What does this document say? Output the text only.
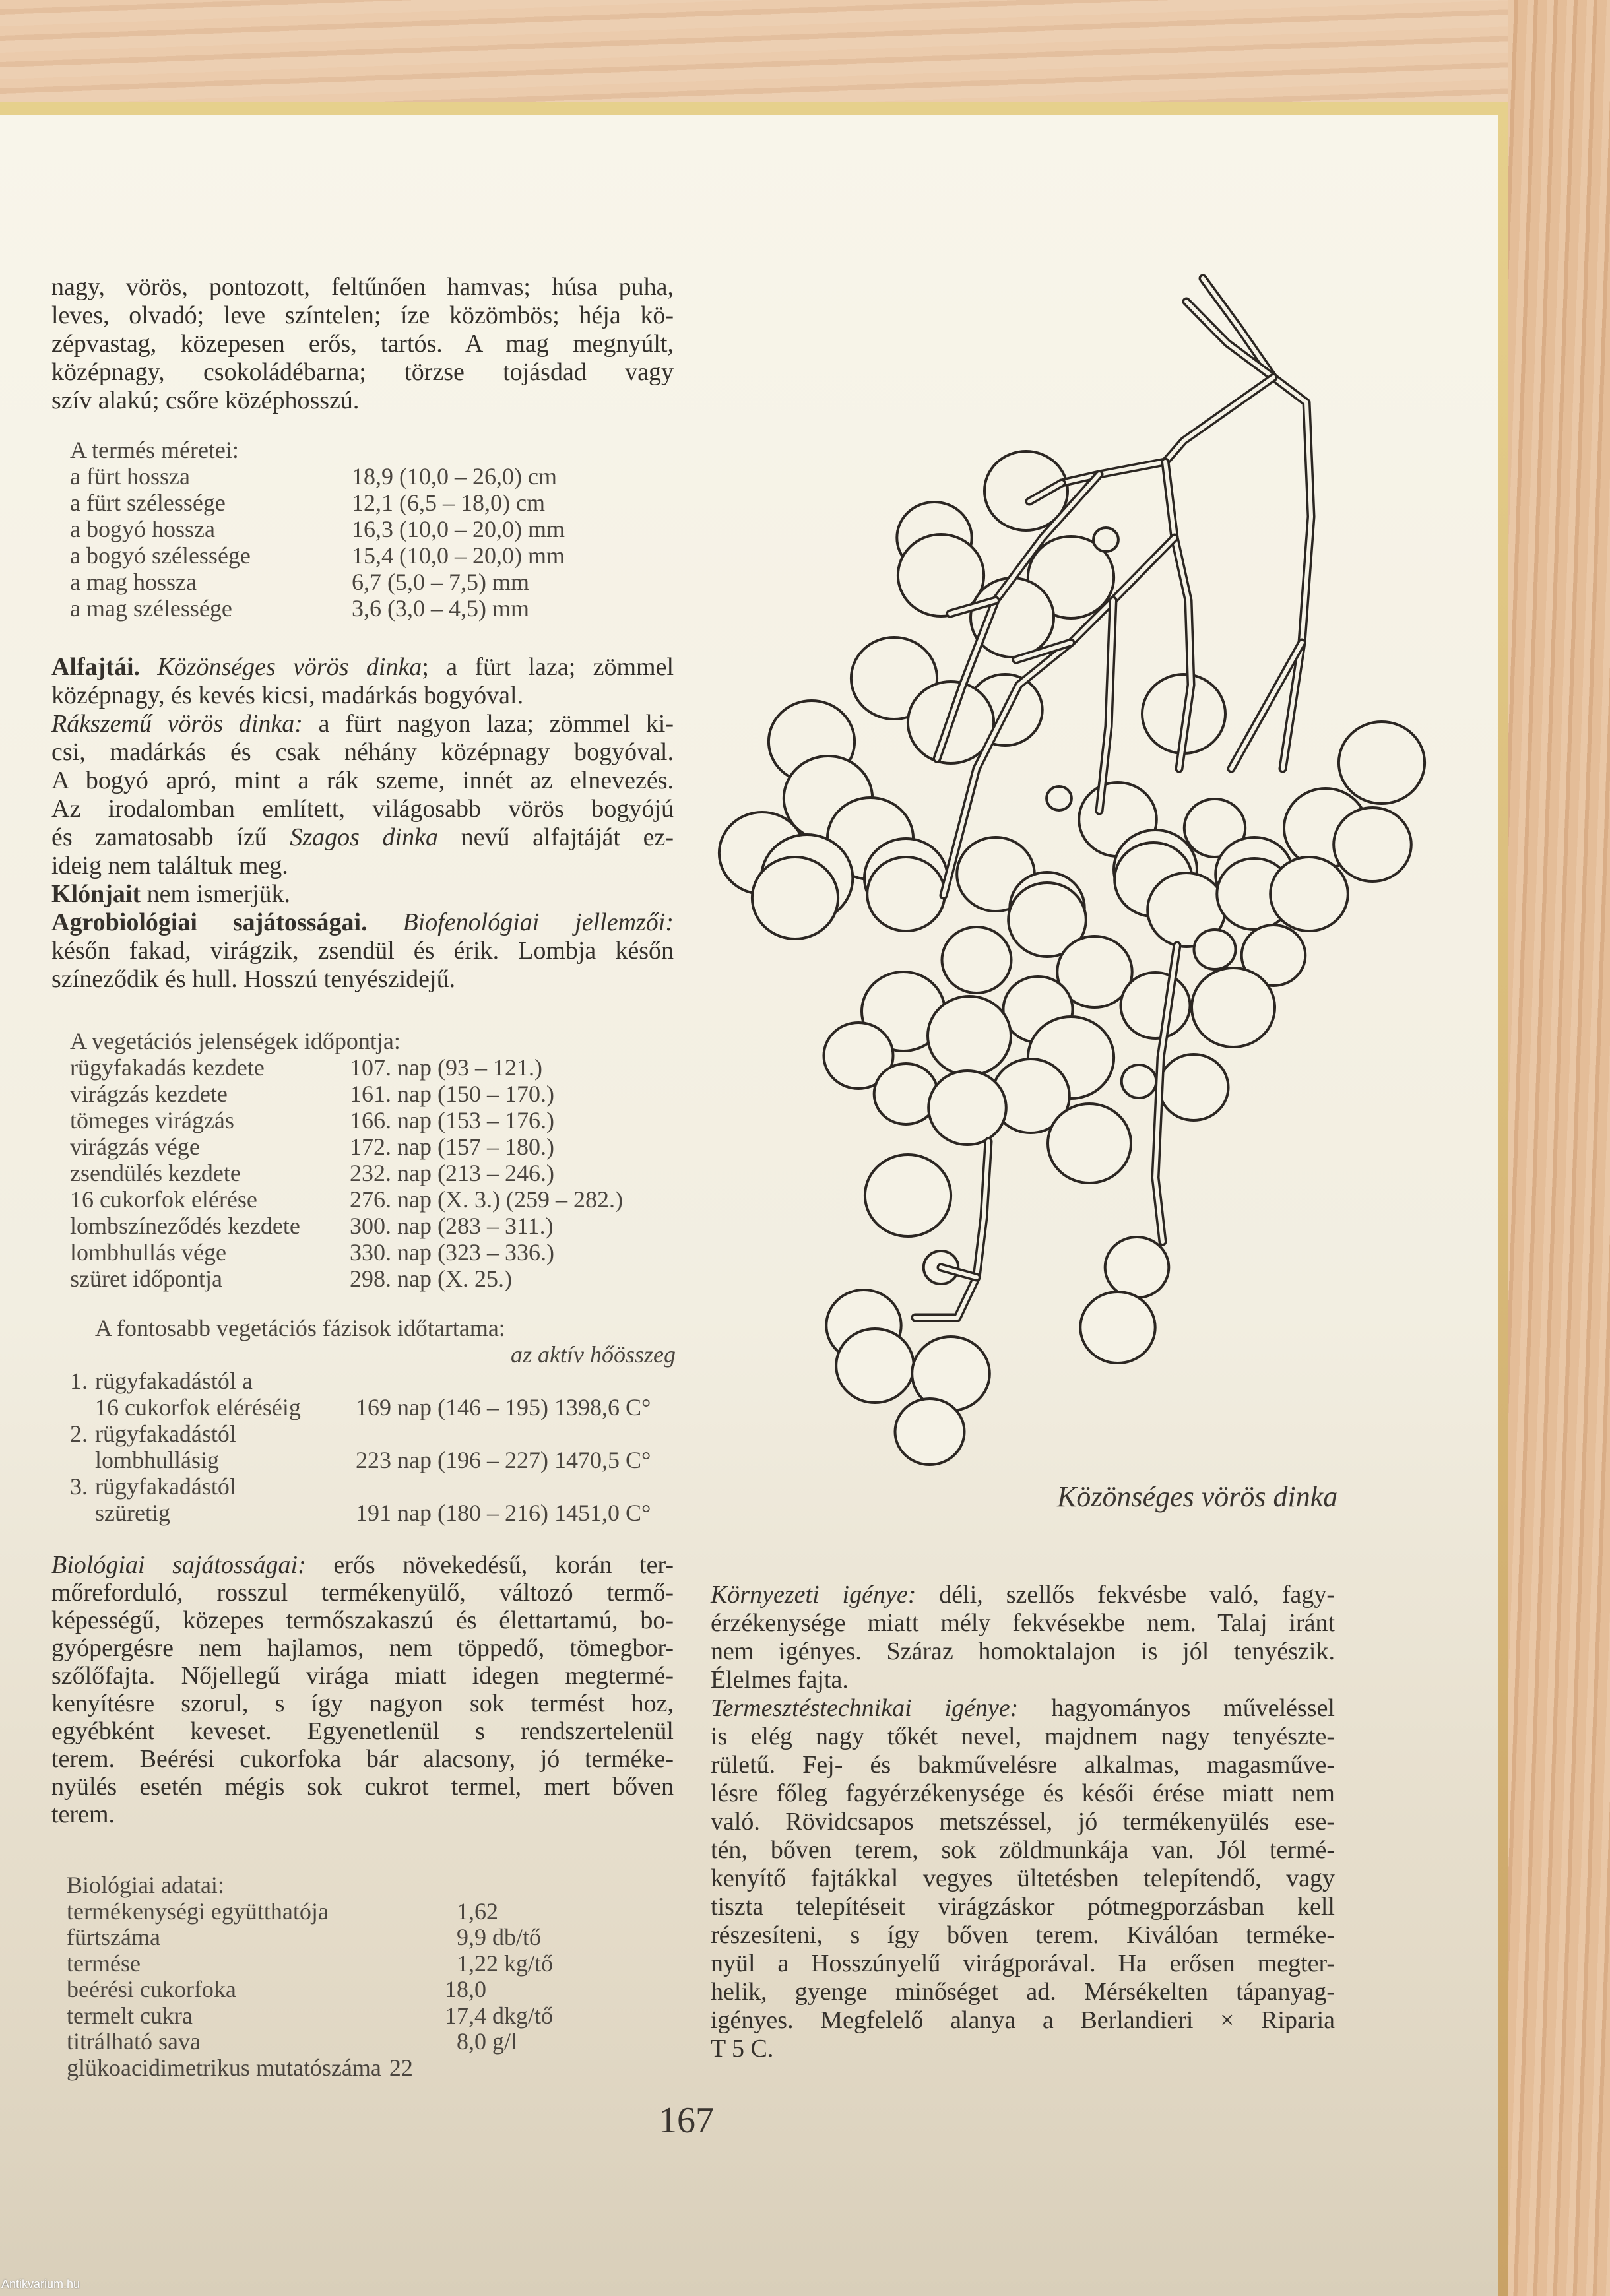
nagy, vörös, pontozott, feltűnően hamvas; húsa puha,
leves, olvadó; leve színtelen; íze közömbös; héja kö-
zépvastag, közepesen erős, tartós. A mag megnyúlt,
középnagy, csokoládébarna; törzse tojásdad vagy
szív alakú; csőre középhosszú.
A termés méretei:
a fürt hossza	18,9 (10,0 – 26,0) cm
a fürt szélessége	12,1 (6,5 – 18,0) cm
a bogyó hossza	16,3 (10,0 – 20,0) mm
a bogyó szélessége	15,4 (10,0 – 20,0) mm
a mag hossza	6,7 (5,0 – 7,5) mm
a mag szélessége	3,6 (3,0 – 4,5) mm
Alfajtái. Közönséges vörös dinka; a fürt laza; zömmel
középnagy, és kevés kicsi, madárkás bogyóval.
Rákszemű vörös dinka: a fürt nagyon laza; zömmel ki-
csi, madárkás és csak néhány középnagy bogyóval.
A bogyó apró, mint a rák szeme, innét az elnevezés.
Az irodalomban említett, világosabb vörös bogyójú
és zamatosabb ízű Szagos dinka nevű alfajtáját ez-
ideig nem találtuk meg.
Klónjait nem ismerjük.
Agrobiológiai sajátosságai. Biofenológiai jellemzői:
későn fakad, virágzik, zsendül és érik. Lombja későn
színeződik és hull. Hosszú tenyészidejű.
A vegetációs jelenségek időpontja:
rügyfakadás kezdete	107. nap (93 – 121.)
virágzás kezdete	161. nap (150 – 170.)
tömeges virágzás	166. nap (153 – 176.)
virágzás vége	172. nap (157 – 180.)
zsendülés kezdete	232. nap (213 – 246.)
16 cukorfok elérése	276. nap (X. 3.) (259 – 282.)
lombszíneződés kezdete 300. nap (283 – 311.)
lombhullás vége	330. nap (323 – 336.)
szüret időpontja	298. nap (X. 25.)
A fontosabb vegetációs fázisok időtartama:
az aktív hőösszeg
1. rügyfakadástól a
16 cukorfok eléréséig 169 nap (146 – 195) 1398,6 C°
2. rügyfakadástól
lombhullásig	223 nap (196 – 227) 1470,5 C°
3. rügyfakadástól
szüretig	191 nap (180 – 216) 1451,0 C°
Biológiai sajátosságai: erős növekedésű, korán ter-
mőreforduló, rosszul termékenyülő, változó termő-
képességű, közepes termőszakaszú és élettartamú, bo-
gyópergésre nem hajlamos, nem töppedő, tömegbor-
szőlőfajta. Nőjellegű virága miatt idegen megtermé-
kenyítésre szorul, s így nagyon sok termést hoz,
egyébként keveset. Egyenetlenül s rendszertelenül
terem. Beérési cukorfoka bár alacsony, jó terméke-
nyülés esetén mégis sok cukrot termel, mert bőven
terem.
Biológiai adatai:
termékenységi együtthatója	1,62
fürtszáma	9,9 db/tő
termése	1,22 kg/tő
beérési cukorfoka	18,0
termelt cukra	17,4 dkg/tő
titrálható sava	8,0 g/l
glükoacidimetrikus mutatószáma 22
Környezeti igénye: déli, szellős fekvésbe való, fagy-
érzékenysége miatt mély fekvésekbe nem. Talaj iránt
nem igényes. Száraz homoktalajon is jól tenyészik.
Élelmes fajta.
Termesztéstechnikai igénye: hagyományos műveléssel
is elég nagy tőkét nevel, majdnem nagy tenyészte-
rületű. Fej- és bakművelésre alkalmas, magasműve-
lésre főleg fagyérzékenysége és késői érése miatt nem
való. Rövidcsapos metszéssel, jó termékenyülés ese-
tén, bőven terem, sok zöldmunkája van. Jól termé-
kenyítő fajtákkal vegyes ültetésben telepítendő, vagy
tiszta telepítéseit virágzáskor pótmegporzásban kell
részesíteni, s így bőven terem. Kiválóan terméke-
nyül a Hosszúnyelű virágporával. Ha erősen megter-
helik, gyenge minőséget ad. Mérsékelten tápanyag-
igényes. Megfelelő alanya a Berlandieri × Riparia
T 5 C.
Közönséges vörös dinka
167
Antikvarium.hu
